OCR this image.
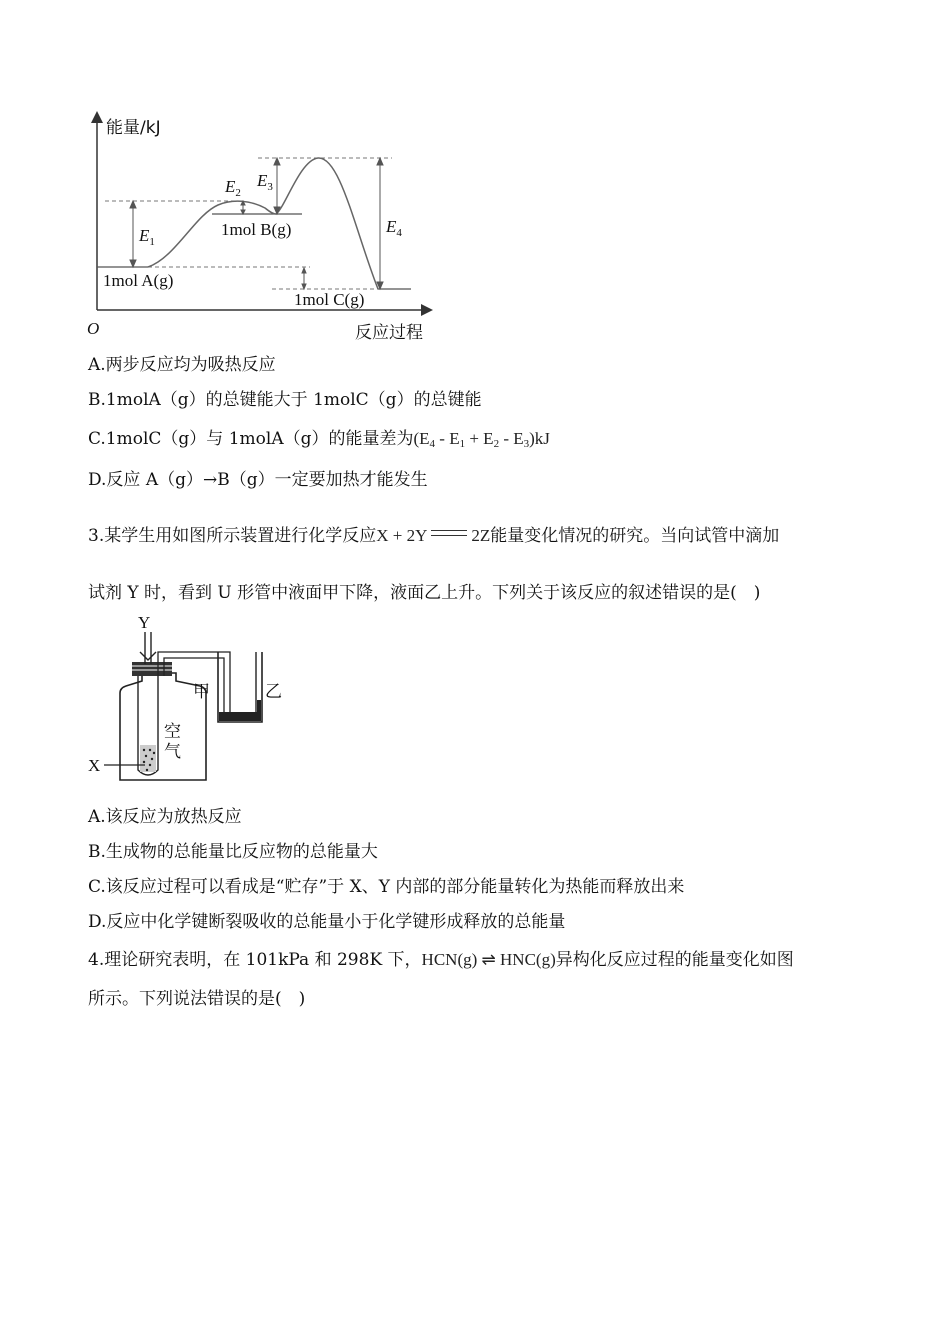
能量/kJ
反应过程
O
$E_1$
$E_2$
$E_3$
$E_4$
1mol A(g)
1mol B(g)
1mol C(g)
A.两步反应均为吸热反应
B.1molA（g）的总键能大于 1molC（g）的总键能
C.1molC（g）与 1molA（g）的能量差为$(E_4 - E_1 + E_2 - E_3)kJ$
D.反应 A（g）→B（g）一定要加热才能发生
3.某学生用如图所示装置进行化学反应X + 2Y	2Z能量变化情况的研究。当向试管中滴加
试剂 Y 时，看到 U 形管中液面甲下降，液面乙上升。下列关于该反应的叙述错误的是(　)
Y
X
空
气
甲	乙
A.该反应为放热反应
B.生成物的总能量比反应物的总能量大
C.该反应过程可以看成是“贮存”于 X、Y 内部的部分能量转化为热能而释放出来
D.反应中化学键断裂吸收的总能量小于化学键形成释放的总能量
4.理论研究表明，在 101kPa 和 298K 下，HCN(g) ⇌ HNC(g)异构化反应过程的能量变化如图
所示。下列说法错误的是(　)
